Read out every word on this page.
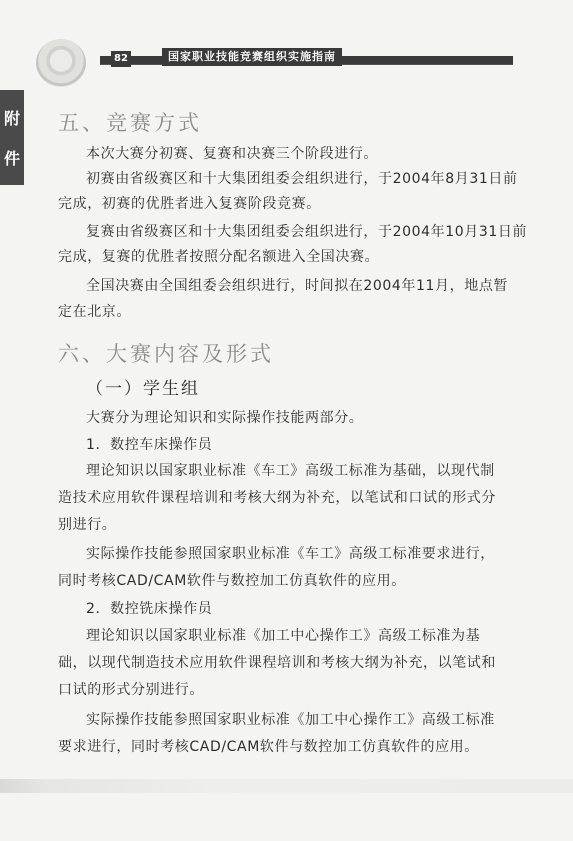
82	国家职业技能竞赛组织实施指南
附
件
五、竞赛方式
本次大赛分初赛、复赛和决赛三个阶段进行。
初赛由省级赛区和十大集团组委会组织进行，于2004年8月31日前
完成，初赛的优胜者进入复赛阶段竞赛。
复赛由省级赛区和十大集团组委会组织进行，于2004年10月31日前
完成，复赛的优胜者按照分配名额进入全国决赛。
全国决赛由全国组委会组织进行，时间拟在2004年11月，地点暂
定在北京。
六、大赛内容及形式
（一）学生组
大赛分为理论知识和实际操作技能两部分。
1．数控车床操作员
理论知识以国家职业标准《车工》高级工标准为基础，以现代制
造技术应用软件课程培训和考核大纲为补充，以笔试和口试的形式分
别进行。
实际操作技能参照国家职业标准《车工》高级工标准要求进行，
同时考核CAD/CAM软件与数控加工仿真软件的应用。
2．数控铣床操作员
理论知识以国家职业标准《加工中心操作工》高级工标准为基
础，以现代制造技术应用软件课程培训和考核大纲为补充，以笔试和
口试的形式分别进行。
实际操作技能参照国家职业标准《加工中心操作工》高级工标准
要求进行，同时考核CAD/CAM软件与数控加工仿真软件的应用。
